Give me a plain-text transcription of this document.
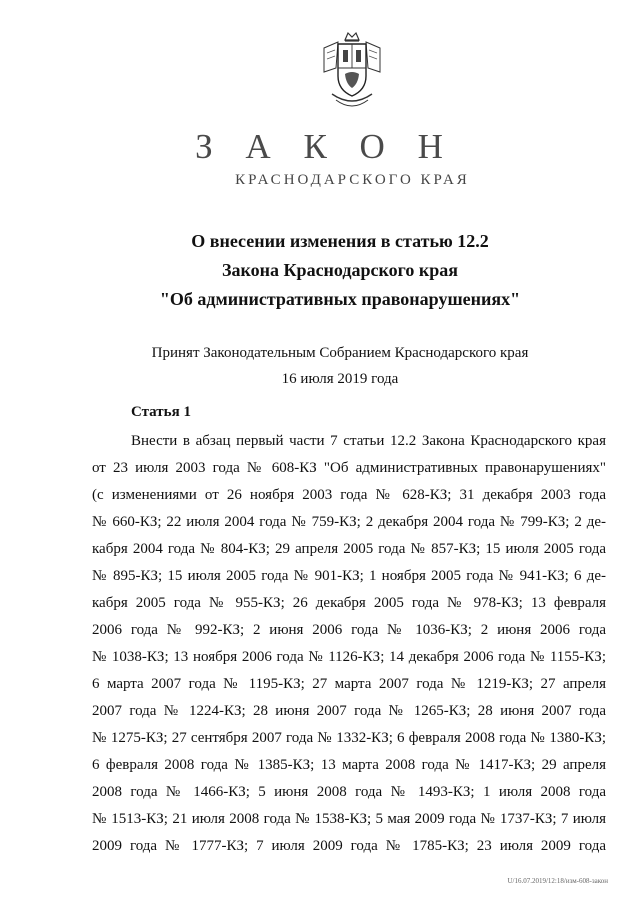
З А К О Н
КРАСНОДАРСКОГО КРАЯ
О внесении изменения в статью 12.2
Закона Краснодарского края
"Об административных правонарушениях"
Принят Законодательным Собранием Краснодарского края
16 июля 2019 года
Статья 1
Внести в абзац первый части 7 статьи 12.2 Закона Краснодарского края
от 23 июля 2003 года № 608-КЗ "Об административных правонарушениях"
(с изменениями от 26 ноября 2003 года № 628-КЗ; 31 декабря 2003 года
№ 660-КЗ; 22 июля 2004 года № 759-КЗ; 2 декабря 2004 года № 799-КЗ; 2 де-
кабря 2004 года № 804-КЗ; 29 апреля 2005 года № 857-КЗ; 15 июля 2005 года
№ 895-КЗ; 15 июля 2005 года № 901-КЗ; 1 ноября 2005 года № 941-КЗ; 6 де-
кабря 2005 года № 955-КЗ; 26 декабря 2005 года № 978-КЗ; 13 февраля
2006 года № 992-КЗ; 2 июня 2006 года № 1036-КЗ; 2 июня 2006 года
№ 1038-КЗ; 13 ноября 2006 года № 1126-КЗ; 14 декабря 2006 года № 1155-КЗ;
6 марта 2007 года № 1195-КЗ; 27 марта 2007 года № 1219-КЗ; 27 апреля
2007 года № 1224-КЗ; 28 июня 2007 года № 1265-КЗ; 28 июня 2007 года
№ 1275-КЗ; 27 сентября 2007 года № 1332-КЗ; 6 февраля 2008 года № 1380-КЗ;
6 февраля 2008 года № 1385-КЗ; 13 марта 2008 года № 1417-КЗ; 29 апреля
2008 года № 1466-КЗ; 5 июня 2008 года № 1493-КЗ; 1 июля 2008 года
№ 1513-КЗ; 21 июля 2008 года № 1538-КЗ; 5 мая 2009 года № 1737-КЗ; 7 июля
2009 года № 1777-КЗ; 7 июля 2009 года № 1785-КЗ; 23 июля 2009 года
U/16.07.2019/12:18/изм-608-закон
